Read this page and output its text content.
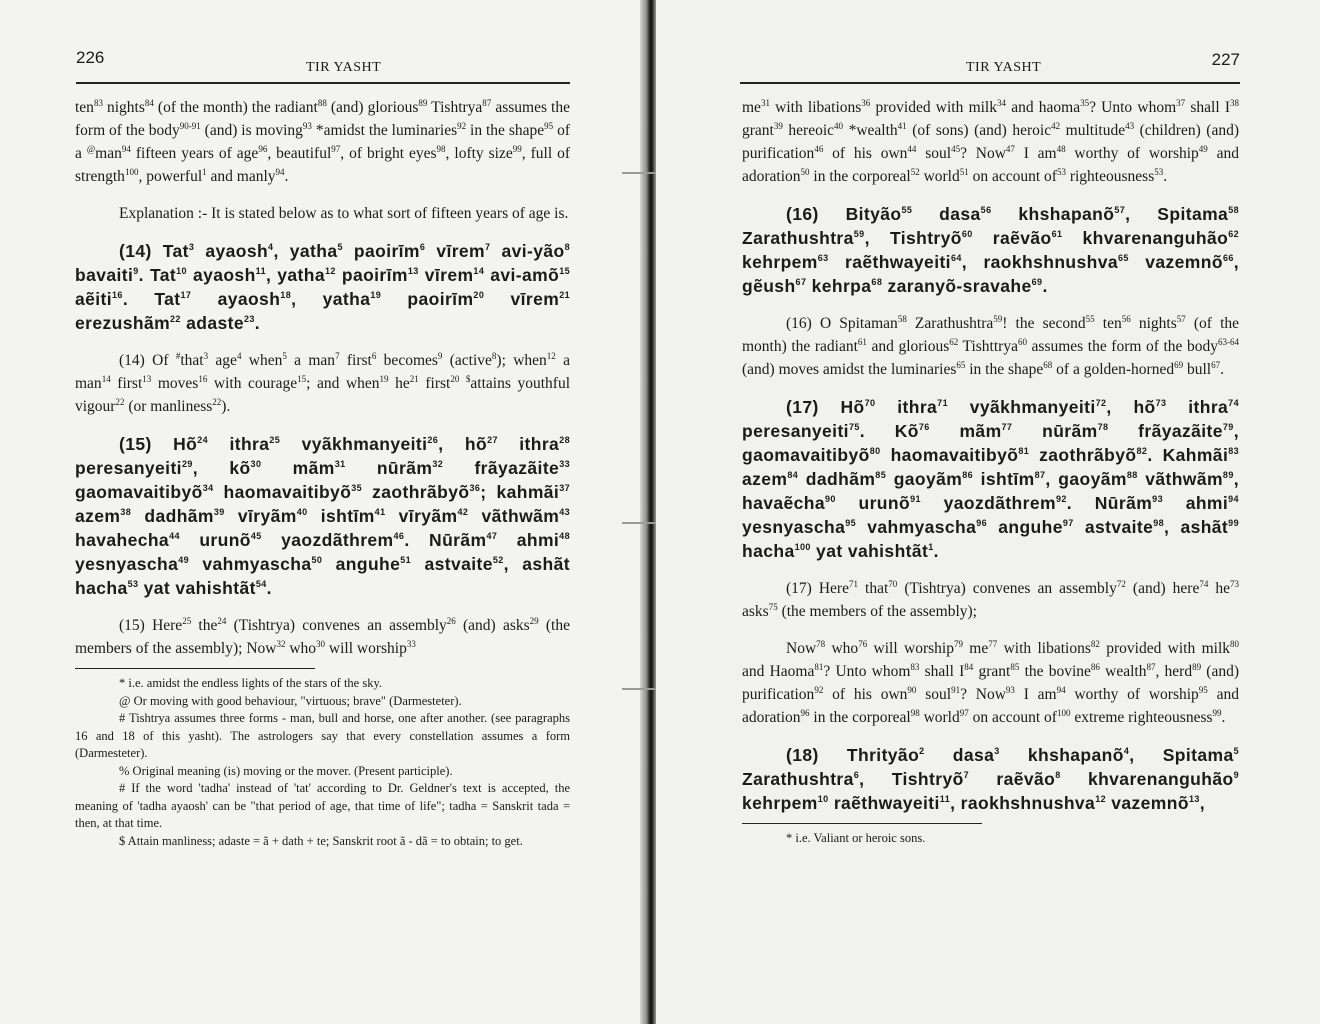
226
TIR YASHT

ten$^{83}$ nights$^{84}$ (of the month) the radiant$^{88}$ (and) glorious$^{89}$ Tishtrya$^{87}$ assumes the form of the body$^{90-91}$ (and) is moving$^{93}$ *amidst the luminaries$^{92}$ in the shape$^{95}$ of a @man$^{94}$ fifteen years of age$^{96}$, beautiful$^{97}$, of bright eyes$^{98}$, lofty size$^{99}$, full of strength$^{100}$, powerful$^1$ and manly$^{94}$.

Explanation :- It is stated below as to what sort of fifteen years of age is.

(14) Tat$^3$ ayaosh$^4$, yatha$^5$ paoirīm$^6$ vīrem$^7$ avi-yão$^8$ bavaiti$^9$. Tat$^{10}$ ayaosh$^{11}$, yatha$^{12}$ paoirīm$^{13}$ vīrem$^{14}$ avi-amõ$^{15}$ aẽiti$^{16}$. Tat$^{17}$ ayaosh$^{18}$, yatha$^{19}$ paoirīm$^{20}$ vīrem$^{21}$ erezushãm$^{22}$ adaste$^{23}$.

(14) Of #that$^3$ age$^4$ when$^5$ a man$^7$ first$^6$ becomes$^9$ (active$^8$); when$^{12}$ a man$^{14}$ first$^{13}$ moves$^{16}$ with courage$^{15}$; and when$^{19}$ $he^{21}$ first$^{20}$ $attains youthful vigour$^{22}$ (or manliness$^{22}$).

(15) $Hõ^{24}$ ithra$^{25}$ vyãkhmanyeiti$^{26}$, $hõ^{27}$ ithra$^{28}$ peresanyeiti$^{29}$, $kõ^{30}$ mãm$^{31}$ nūrãm$^{32}$ frãyazãite$^{33}$ gaomavaitibyõ$^{34}$ haomavaitibyõ$^{35}$ zaothrãbyõ$^{36}$; kahmãi$^{37}$ azem$^{38}$ dadhãm$^{39}$ vīryãm$^{40}$ ishtīm$^{41}$ vīryãm$^{42}$ vãthwãm$^{43}$ havahecha$^{44}$ urunõ$^{45}$ yaozdãthrem$^{46}$. Nūrãm$^{47}$ ahmi$^{48}$ yesnyascha$^{49}$ vahmyascha$^{50}$ anguhe$^{51}$ astvaite$^{52}$, ashãt hacha$^{53}$ yat vahishtãt$^{54}$.

(15) Here$^{25}$ the$^{24}$ (Tishtrya) convenes an assembly$^{26}$ (and) asks$^{29}$ (the members of the assembly); Now$^{32}$ who$^{30}$ will worship$^{33}$

* i.e. amidst the endless lights of the stars of the sky.

@ Or moving with good behaviour, "virtuous; brave" (Darmesteter).

# Tishtrya assumes three forms - man, bull and horse, one after another. (see paragraphs 16 and 18 of this yasht). The astrologers say that every constellation assumes a form (Darmesteter).

% Original meaning (is) moving or the mover. (Present participle).

# If the word 'tadha' instead of 'tat' according to Dr. Geldner's text is accepted, the meaning of 'tadha ayaosh' can be "that period of age, that time of life"; tadha = Sanskrit tada = then, at that time.

$ Attain manliness; adaste = ã + dath + te; Sanskrit root ã - dã = to obtain; to get.

TIR YASHT	227

$me^{31}$ with libations$^{36}$ provided with milk$^{34}$ and haoma$^{35}$? Unto whom$^{37}$ shall $I^{38}$ grant$^{39}$ hereoic$^{40}$ *wealth$^{41}$ (of sons) (and) heroic$^{42}$ multitude$^{43}$ (children) (and) purification$^{46}$ of his own$^{44}$ soul$^{45}$? Now$^{47}$ I $am^{48}$ worthy of worship$^{49}$ and adoration$^{50}$ in the corporeal$^{52}$ world$^{51}$ on account $of^{53}$ righteousness$^{53}$.

(16) Bityão$^{55}$ dasa$^{56}$ khshapanõ$^{57}$, Spitama$^{58}$ Zarathushtra$^{59}$, Tishtryõ$^{60}$ raẽvão$^{61}$ khvarenanguhão$^{62}$ kehrpem$^{63}$ raẽthwayeiti$^{64}$, raokhshnushva$^{65}$ vazemnõ$^{66}$, gẽush$^{67}$ kehrpa$^{68}$ zaranyõ-sravahe$^{69}$.

(16) O Spitaman$^{58}$ Zarathushtra$^{59}$! the second$^{55}$ ten$^{56}$ nights$^{57}$ (of the month) the radiant$^{61}$ and glorious$^{62}$ Tishttrya$^{60}$ assumes the form of the body$^{63-64}$ (and) moves amidst the luminaries$^{65}$ in the shape$^{68}$ of a golden-horned$^{69}$ bull$^{67}$.

(17) $Hõ^{70}$ ithra$^{71}$ vyãkhmanyeiti$^{72}$, $hõ^{73}$ ithra$^{74}$ peresanyeiti$^{75}$. $Kõ^{76}$ mãm$^{77}$ nūrãm$^{78}$ frãyazãite$^{79}$, gaomavaitibyõ$^{80}$ haomavaitibyõ$^{81}$ zaothrãbyõ$^{82}$. Kahmãi$^{83}$ azem$^{84}$ dadhãm$^{85}$ gaoyãm$^{86}$ ishtīm$^{87}$, gaoyãm$^{88}$ vãthwãm$^{89}$, havaẽcha$^{90}$ urunõ$^{91}$ yaozdãthrem$^{92}$. Nūrãm$^{93}$ ahmi$^{94}$ yesnyascha$^{95}$ vahmyascha$^{96}$ anguhe$^{97}$ astvaite$^{98}$, ashãt$^{99}$ hacha$^{100}$ yat vahishtãt$^1$.

(17) Here$^{71}$ that$^{70}$ (Tishtrya) convenes an assembly$^{72}$ (and) here$^{74}$ $he^{73}$ asks$^{75}$ (the members of the assembly);

Now$^{78}$ who$^{76}$ will worship$^{79}$ $me^{77}$ with libations$^{82}$ provided with milk$^{80}$ and Haoma$^{81}$? Unto whom$^{83}$ shall $I^{84}$ grant$^{85}$ the bovine$^{86}$ wealth$^{87}$, herd$^{89}$ (and) purification$^{92}$ of his own$^{90}$ soul$^{91}$? Now$^{93}$ I $am^{94}$ worthy of worship$^{95}$ and adoration$^{96}$ in the corporeal$^{98}$ world$^{97}$ on account $of^{100}$ extreme righteousness$^{99}$.

(18) Thrityão$^2$ dasa$^3$ khshapanõ$^4$, Spitama$^5$ Zarathushtra$^6$, Tishtryõ$^7$ raẽvão$^8$ khvarenanguhão$^9$ kehrpem$^{10}$ raẽthwayeiti$^{11}$, raokhshnushva$^{12}$ vazemnõ$^{13}$,

* i.e. Valiant or heroic sons.
